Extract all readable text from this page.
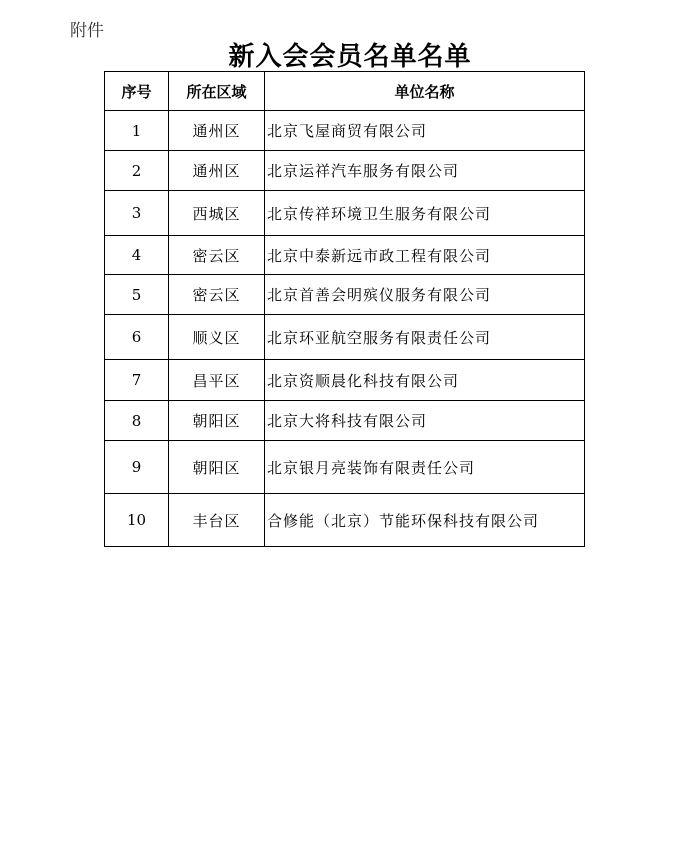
附件
新入会会员名单名单
序号	所在区域	单位名称
1	通州区	北京飞屋商贸有限公司
2	通州区	北京运祥汽车服务有限公司
3	西城区	北京传祥环境卫生服务有限公司
4	密云区	北京中泰新远市政工程有限公司
5	密云区	北京首善会明殡仪服务有限公司
6	顺义区	北京环亚航空服务有限责任公司
7	昌平区	北京资顺晨化科技有限公司
8	朝阳区	北京大将科技有限公司
9	朝阳区	北京银月亮装饰有限责任公司
10	丰台区	合修能（北京）节能环保科技有限公司
